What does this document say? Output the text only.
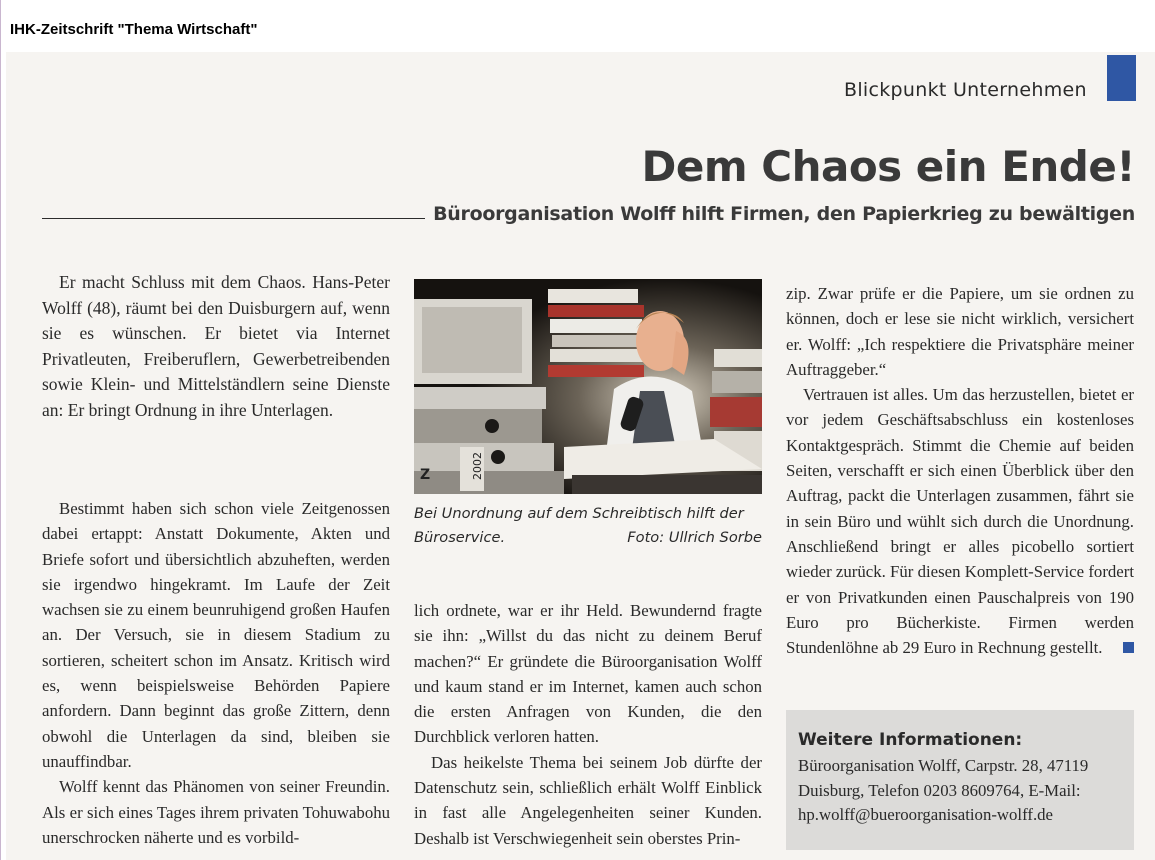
IHK-Zeitschrift "Thema Wirtschaft"
Blickpunkt Unternehmen
Dem Chaos ein Ende!
Büroorganisation Wolff hilft Firmen, den Papierkrieg zu bewältigen

Er macht Schluss mit dem Chaos. Hans-Peter Wolff (48), räumt bei den Duisburgern auf, wenn sie es wünschen. Er bietet via Internet Privatleuten, Freiberuflern, Gewerbetreibenden sowie Klein- und Mittelständlern seine Dienste an: Er bringt Ordnung in ihre Unterlagen.

Bestimmt haben sich schon viele Zeitgenossen dabei ertappt: Anstatt Dokumente, Akten und Briefe sofort und übersichtlich abzuheften, werden sie irgendwo hingekramt. Im Laufe der Zeit wachsen sie zu einem beunruhigend großen Haufen an. Der Versuch, sie in diesem Stadium zu sortieren, scheitert schon im Ansatz. Kritisch wird es, wenn beispielsweise Behörden Papiere anfordern. Dann beginnt das große Zittern, denn obwohl die Unterlagen da sind, bleiben sie unauffindbar.

Wolff kennt das Phänomen von seiner Freundin. Als er sich eines Tages ihrem privaten Tohuwabohu unerschrocken näherte und es vorbild-

2002
Z
Bei Unordnung auf dem Schreibtisch hilft der Büroservice.	Foto: Ullrich Sorbe

lich ordnete, war er ihr Held. Bewundernd fragte sie ihn: „Willst du das nicht zu deinem Beruf machen?“ Er gründete die Büroorganisation Wolff und kaum stand er im Internet, kamen auch schon die ersten Anfragen von Kunden, die den Durchblick verloren hatten.

Das heikelste Thema bei seinem Job dürfte der Datenschutz sein, schließlich erhält Wolff Einblick in fast alle Angelegenheiten seiner Kunden. Deshalb ist Verschwiegenheit sein oberstes Prin-

zip. Zwar prüfe er die Papiere, um sie ordnen zu können, doch er lese sie nicht wirklich, versichert er. Wolff: „Ich respektiere die Privatsphäre meiner Auftraggeber.“

Vertrauen ist alles. Um das herzustellen, bietet er vor jedem Geschäftsabschluss ein kostenloses Kontaktgespräch. Stimmt die Chemie auf beiden Seiten, verschafft er sich einen Überblick über den Auftrag, packt die Unterlagen zusammen, fährt sie in sein Büro und wühlt sich durch die Unordnung. Anschließend bringt er alles picobello sortiert wieder zurück. Für diesen Komplett-Service fordert er von Privatkunden einen Pauschalpreis von 190 Euro pro Bücherkiste. Firmen werden Stundenlöhne ab 29 Euro in Rechnung gestellt.

Weitere Informationen:
Büroorganisation Wolff, Carpstr. 28, 47119
Duisburg, Telefon 0203 8609764, E-Mail:
hp.wolff@bueroorganisation-wolff.de
